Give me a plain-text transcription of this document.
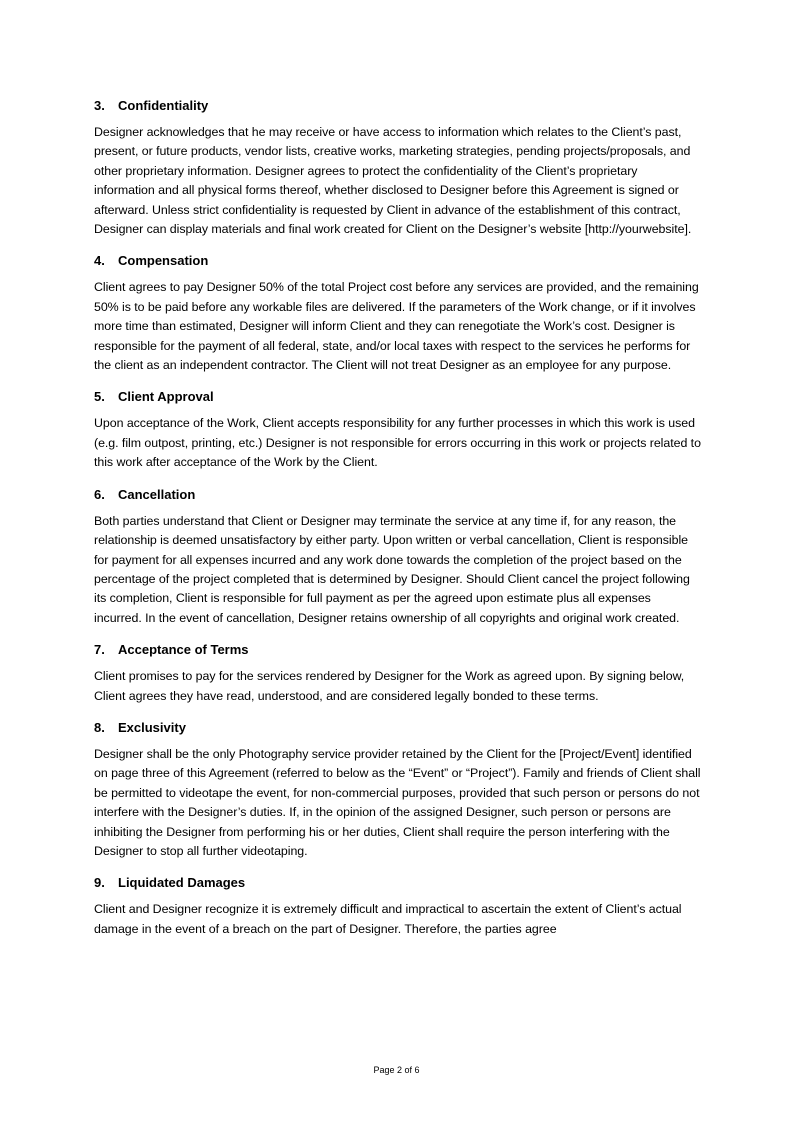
3.	Confidentiality

Designer acknowledges that he may receive or have access to information which relates to the Client’s past, present, or future products, vendor lists, creative works, marketing strategies, pending projects/proposals, and other proprietary information. Designer agrees to protect the confidentiality of the Client’s proprietary information and all physical forms thereof, whether disclosed to Designer before this Agreement is signed or afterward. Unless strict confidentiality is requested by Client in advance of the establishment of this contract, Designer can display materials and final work created for Client on the Designer’s website [http://yourwebsite].

4.	Compensation

Client agrees to pay Designer 50% of the total Project cost before any services are provided, and the remaining 50% is to be paid before any workable files are delivered. If the parameters of the Work change, or if it involves more time than estimated, Designer will inform Client and they can renegotiate the Work’s cost. Designer is responsible for the payment of all federal, state, and/or local taxes with respect to the services he performs for the client as an independent contractor. The Client will not treat Designer as an employee for any purpose.

5.	Client Approval

Upon acceptance of the Work, Client accepts responsibility for any further processes in which this work is used (e.g. film outpost, printing, etc.) Designer is not responsible for errors occurring in this work or projects related to this work after acceptance of the Work by the Client.

6.	Cancellation

Both parties understand that Client or Designer may terminate the service at any time if, for any reason, the relationship is deemed unsatisfactory by either party. Upon written or verbal cancellation, Client is responsible for payment for all expenses incurred and any work done towards the completion of the project based on the percentage of the project completed that is determined by Designer. Should Client cancel the project following its completion, Client is responsible for full payment as per the agreed upon estimate plus all expenses incurred. In the event of cancellation, Designer retains ownership of all copyrights and original work created.

7.	Acceptance of Terms

Client promises to pay for the services rendered by Designer for the Work as agreed upon. By signing below, Client agrees they have read, understood, and are considered legally bonded to these terms.

8.	Exclusivity

Designer shall be the only Photography service provider retained by the Client for the [Project/Event] identified on page three of this Agreement (referred to below as the “Event” or “Project”). Family and friends of Client shall be permitted to videotape the event, for non-commercial purposes, provided that such person or persons do not interfere with the Designer’s duties. If, in the opinion of the assigned Designer, such person or persons are inhibiting the Designer from performing his or her duties, Client shall require the person interfering with the Designer to stop all further videotaping.

9.	Liquidated Damages

Client and Designer recognize it is extremely difficult and impractical to ascertain the extent of Client’s actual damage in the event of a breach on the part of Designer. Therefore, the parties agree

Page 2 of 6
